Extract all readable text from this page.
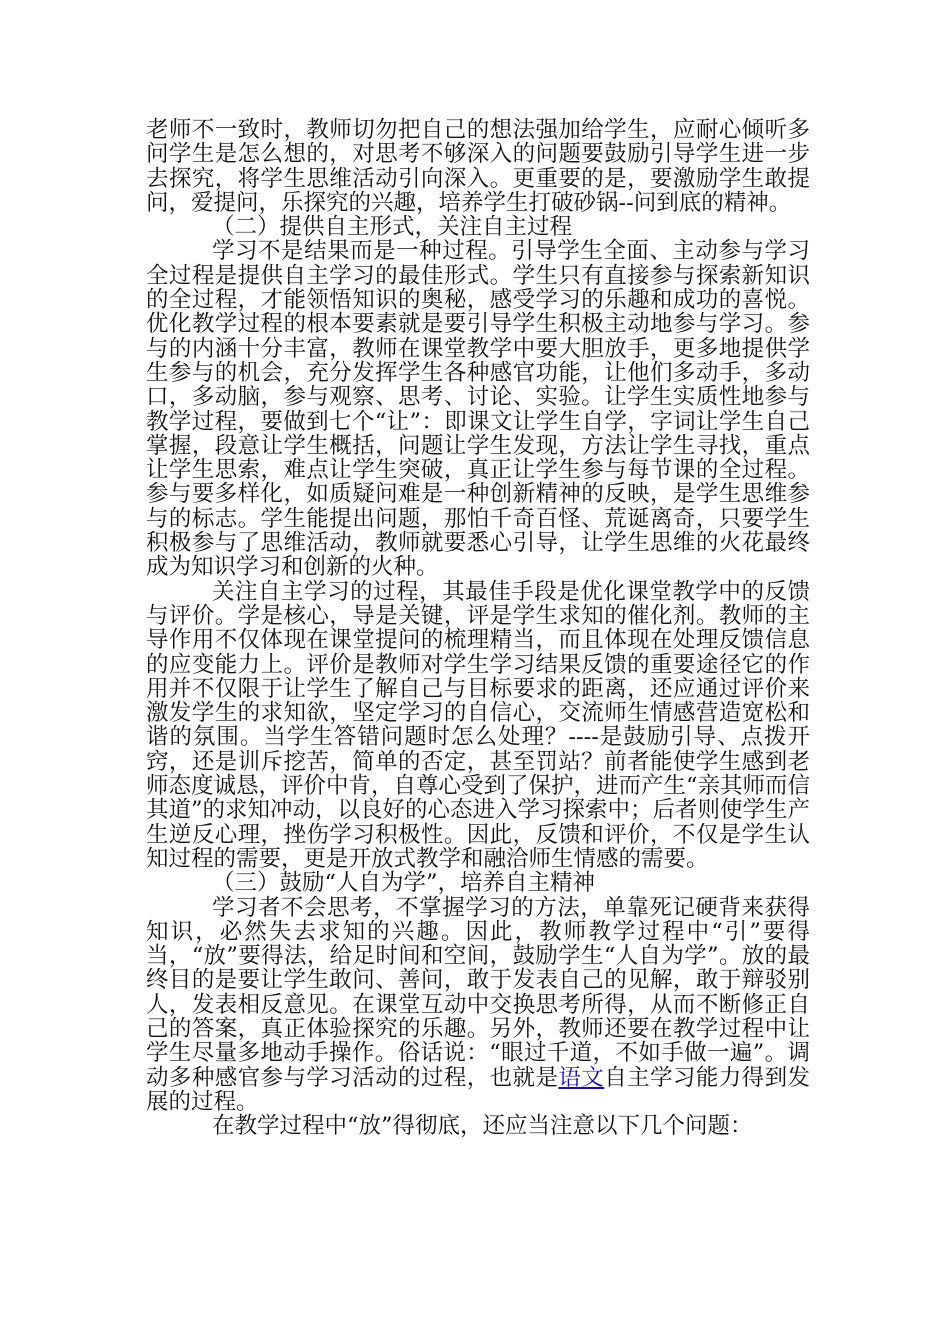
老师不一致时，教师切勿把自己的想法强加给学生，应耐心倾听多问学生是怎么想的，对思考不够深入的问题要鼓励引导学生进一步去探究，将学生思维活动引向深入。更重要的是，要激励学生敢提问，爱提问，乐探究的兴趣，培养学生打破砂锅--问到底的精神。

（二）提供自主形式，关注自主过程

学习不是结果而是一种过程。引导学生全面、主动参与学习全过程是提供自主学习的最佳形式。学生只有直接参与探索新知识的全过程，才能领悟知识的奥秘，感受学习的乐趣和成功的喜悦。优化教学过程的根本要素就是要引导学生积极主动地参与学习。参与的内涵十分丰富，教师在课堂教学中要大胆放手，更多地提供学生参与的机会，充分发挥学生各种感官功能，让他们多动手，多动口，多动脑，参与观察、思考、讨论、实验。让学生实质性地参与教学过程，要做到七个“让”：即课文让学生自学，字词让学生自己掌握，段意让学生概括，问题让学生发现，方法让学生寻找，重点让学生思索，难点让学生突破，真正让学生参与每节课的全过程。参与要多样化，如质疑问难是一种创新精神的反映，是学生思维参与的标志。学生能提出问题，那怕千奇百怪、荒诞离奇，只要学生积极参与了思维活动，教师就要悉心引导，让学生思维的火花最终成为知识学习和创新的火种。

关注自主学习的过程，其最佳手段是优化课堂教学中的反馈与评价。学是核心，导是关键，评是学生求知的催化剂。教师的主导作用不仅体现在课堂提问的梳理精当，而且体现在处理反馈信息的应变能力上。评价是教师对学生学习结果反馈的重要途径它的作用并不仅限于让学生了解自己与目标要求的距离，还应通过评价来激发学生的求知欲，坚定学习的自信心，交流师生情感营造宽松和谐的氛围。当学生答错问题时怎么处理？----是鼓励引导、点拨开窍，还是训斥挖苦，简单的否定，甚至罚站？前者能使学生感到老师态度诚恳，评价中肯，自尊心受到了保护，进而产生“亲其师而信其道”的求知冲动，以良好的心态进入学习探索中；后者则使学生产生逆反心理，挫伤学习积极性。因此，反馈和评价，不仅是学生认知过程的需要，更是开放式教学和融洽师生情感的需要。

（三）鼓励“人自为学”，培养自主精神

学习者不会思考，不掌握学习的方法，单靠死记硬背来获得知识，必然失去求知的兴趣。因此，教师教学过程中“引”要得当，“放”要得法，给足时间和空间，鼓励学生“人自为学”。放的最终目的是要让学生敢问、善问，敢于发表自己的见解，敢于辩驳别人，发表相反意见。在课堂互动中交换思考所得，从而不断修正自己的答案，真正体验探究的乐趣。另外，教师还要在教学过程中让学生尽量多地动手操作。俗话说：“眼过千道，不如手做一遍”。调动多种感官参与学习活动的过程，也就是语文自主学习能力得到发展的过程。

在教学过程中“放”得彻底，还应当注意以下几个问题：
